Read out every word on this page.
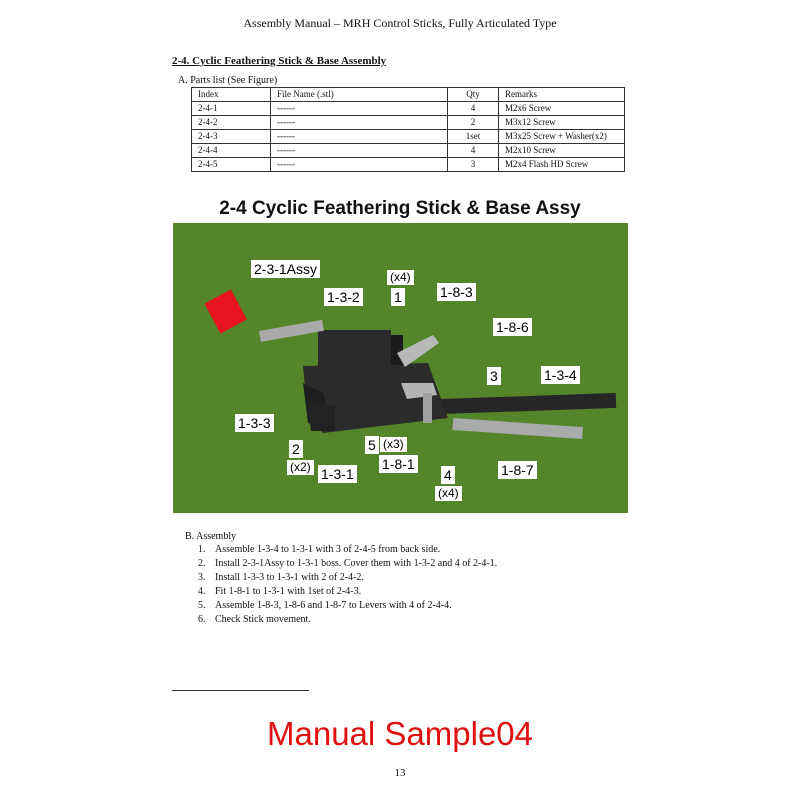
Assembly Manual – MRH Control Sticks, Fully Articulated Type
2-4. Cyclic Feathering Stick & Base Assembly
A. Parts list (See Figure)
Index	File Name (.stl)	Qty	Remarks
2-4-1	------	4	M2x6 Screw
2-4-2	------	2	M3x12 Screw
2-4-3	------	1set	M3x25 Screw + Washer(x2)
2-4-4	------	4	M2x10 Screw
2-4-5	------	3	M2x4 Flash HD Screw
2-4 Cyclic Feathering Stick & Base Assy
2-3-1Assy
1-3-2
(x4)
1	1-8-3
1-8-6
3	1-3-4
1-3-3
2
(x2) 1-3-1
5 (x3)
1-8-1
4
(x4)
1-8-7
B. Assembly
1. Assemble 1-3-4 to 1-3-1 with 3 of 2-4-5 from back side.
2. Install 2-3-1Assy to 1-3-1 boss. Cover them with 1-3-2 and 4 of 2-4-1.
3. Install 1-3-3 to 1-3-1 with 2 of 2-4-2.
4. Fit 1-8-1 to 1-3-1 with 1set of 2-4-3.
5. Assemble 1-8-3, 1-8-6 and 1-8-7 to Levers with 4 of 2-4-4.
6. Check Stick movement.
Manual Sample04
13
